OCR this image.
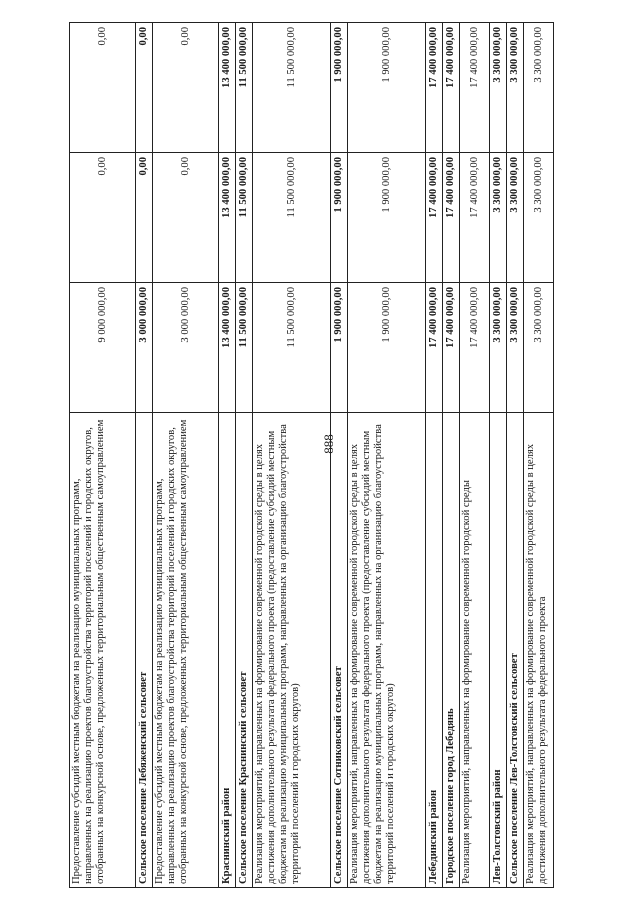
888
Предоставление субсидий местным бюджетам на реализацию муниципальных программ, направленных на реализацию проектов благоустройства территорий поселений и городских округов, отобранных на конкурсной основе, предложенных территориальным общественным самоуправлением	9 000 000,00	0,00	0,00
Сельское поселение Лебяженский сельсовет	3 000 000,00	0,00	0,00
Предоставление субсидий местным бюджетам на реализацию муниципальных программ, направленных на реализацию проектов благоустройства территорий поселений и городских округов, отобранных на конкурсной основе, предложенных территориальным общественным самоуправлением	3 000 000,00	0,00	0,00
Краснинский район	13 400 000,00	13 400 000,00	13 400 000,00
Сельское поселение Краснинский сельсовет	11 500 000,00	11 500 000,00	11 500 000,00
Реализация мероприятий, направленных на формирование современной городской среды в целях достижения дополнительного результата федерального проекта (предоставление субсидий местным бюджетам на реализацию муниципальных программ, направленных на организацию благоустройства территорий поселений и городских округов)	11 500 000,00	11 500 000,00	11 500 000,00
Сельское поселение Сотниковский сельсовет	1 900 000,00	1 900 000,00	1 900 000,00
Реализация мероприятий, направленных на формирование современной городской среды в целях достижения дополнительного результата федерального проекта (предоставление субсидий местным бюджетам на реализацию муниципальных программ, направленных на организацию благоустройства территорий поселений и городских округов)	1 900 000,00	1 900 000,00	1 900 000,00
Лебединский район	17 400 000,00	17 400 000,00	17 400 000,00
Городское поселение город Лебедянь	17 400 000,00	17 400 000,00	17 400 000,00
Реализация мероприятий, направленных на формирование современной городской среды	17 400 000,00	17 400 000,00	17 400 000,00
Лев-Толстовский район	3 300 000,00	3 300 000,00	3 300 000,00
Сельское поселение Лев-Толстовский сельсовет	3 300 000,00	3 300 000,00	3 300 000,00
Реализация мероприятий, направленных на формирование современной городской среды в целях достижения дополнительного результата федерального проекта	3 300 000,00	3 300 000,00	3 300 000,00
